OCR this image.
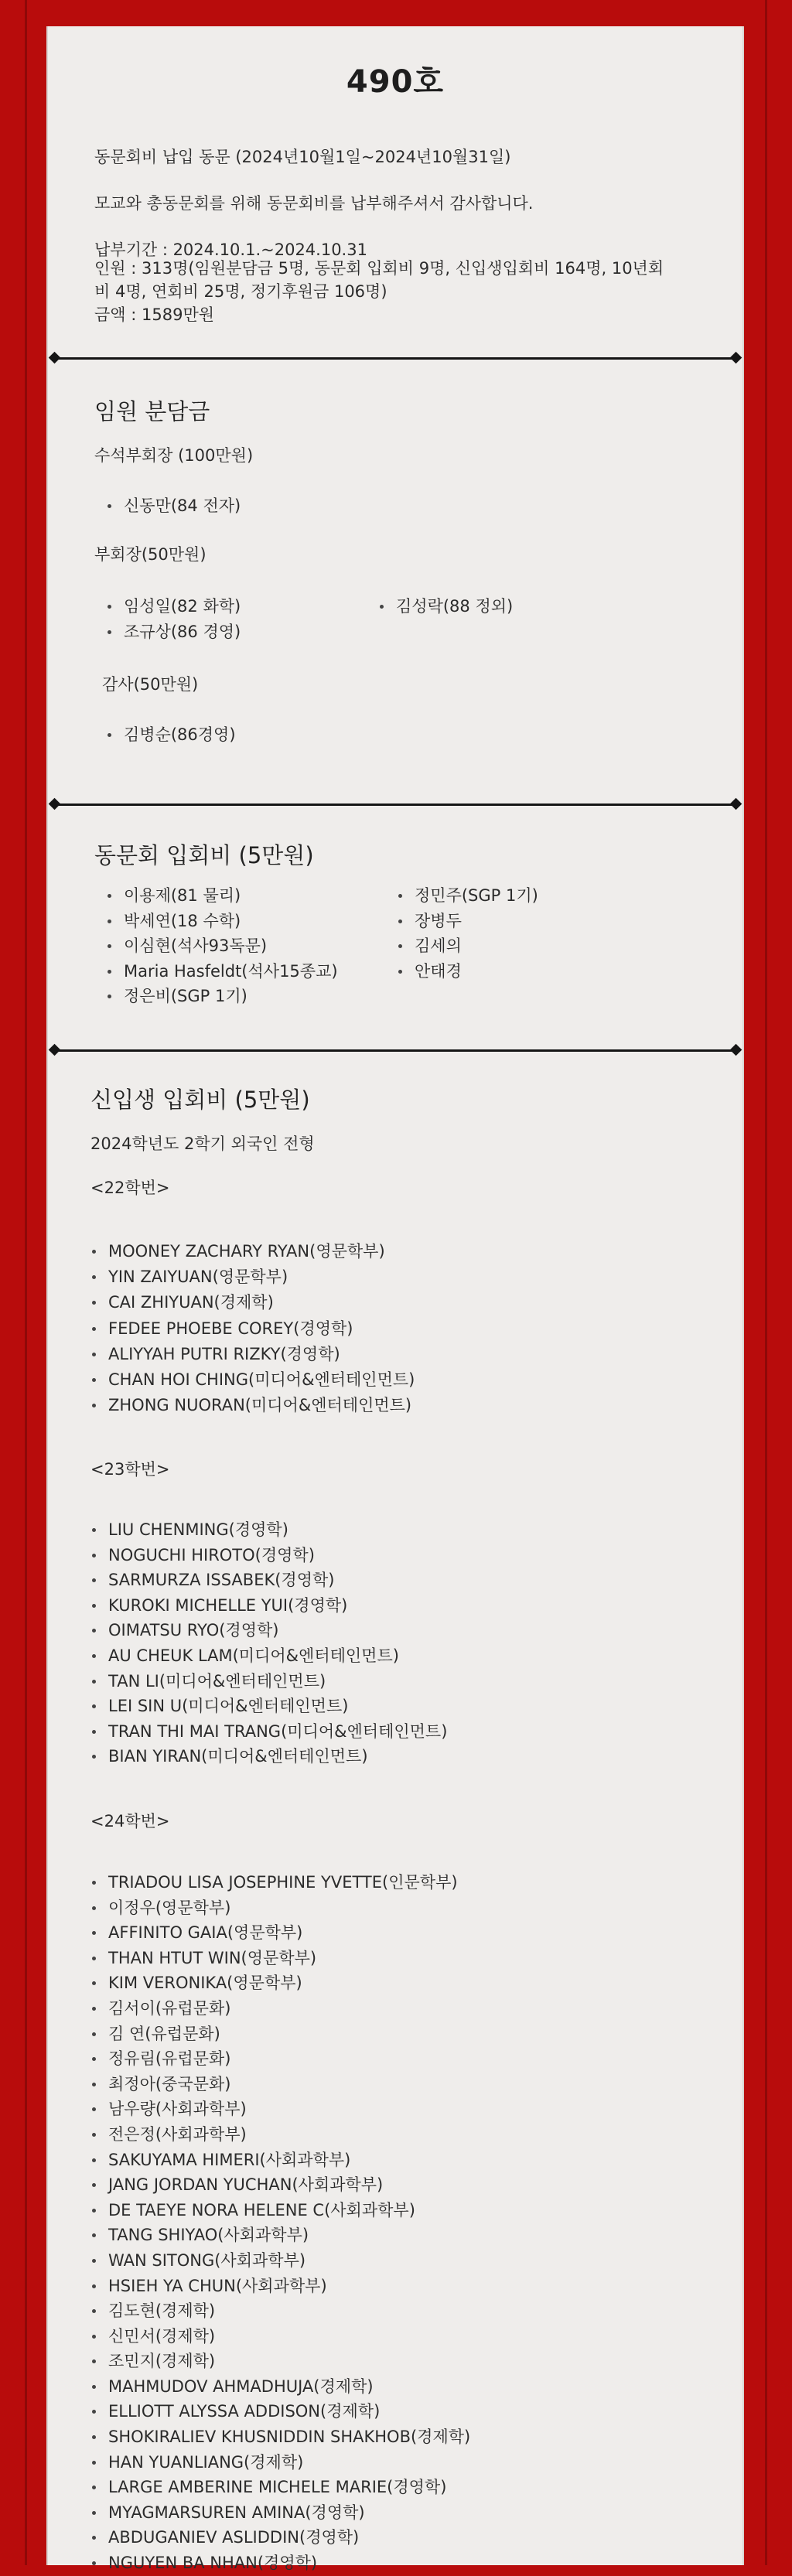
490호
동문회비 납입 동문 (2024년10월1일~2024년10월31일)
모교와 총동문회를 위해 동문회비를 납부해주셔서 감사합니다.
납부기간 : 2024.10.1.~2024.10.31
인원 : 313명(임원분담금 5명, 동문회 입회비 9명, 신입생입회비 164명, 10년회비 4명, 연회비 25명, 정기후원금 106명)
금액 : 1589만원
임원 분담금
수석부회장 (100만원)
신동만(84 전자)
부회장(50만원)
임성일(82 화학)
조규상(86 경영)
김성락(88 정외)
감사(50만원)
김병순(86경영)
동문회 입회비 (5만원)
이용제(81 물리)
박세연(18 수학)
이심현(석사93독문)
Maria Hasfeldt(석사15종교)
정은비(SGP 1기)
정민주(SGP 1기)
장병두
김세의
안태경
신입생 입회비 (5만원)
2024학년도 2학기 외국인 전형
<22학번>
MOONEY ZACHARY RYAN(영문학부)
YIN ZAIYUAN(영문학부)
CAI ZHIYUAN(경제학)
FEDEE PHOEBE COREY(경영학)
ALIYYAH PUTRI RIZKY(경영학)
CHAN HOI CHING(미디어&엔터테인먼트)
ZHONG NUORAN(미디어&엔터테인먼트)
<23학번>
LIU CHENMING(경영학)
NOGUCHI HIROTO(경영학)
SARMURZA ISSABEK(경영학)
KUROKI MICHELLE YUI(경영학)
OIMATSU RYO(경영학)
AU CHEUK LAM(미디어&엔터테인먼트)
TAN LI(미디어&엔터테인먼트)
LEI SIN U(미디어&엔터테인먼트)
TRAN THI MAI TRANG(미디어&엔터테인먼트)
BIAN YIRAN(미디어&엔터테인먼트)
<24학번>
TRIADOU LISA JOSEPHINE YVETTE(인문학부)
이정우(영문학부)
AFFINITO GAIA(영문학부)
THAN HTUT WIN(영문학부)
KIM VERONIKA(영문학부)
김서이(유럽문화)
김 연(유럽문화)
정유림(유럽문화)
최정아(중국문화)
남우량(사회과학부)
전은정(사회과학부)
SAKUYAMA HIMERI(사회과학부)
JANG JORDAN YUCHAN(사회과학부)
DE TAEYE NORA HELENE C(사회과학부)
TANG SHIYAO(사회과학부)
WAN SITONG(사회과학부)
HSIEH YA CHUN(사회과학부)
김도현(경제학)
신민서(경제학)
조민지(경제학)
MAHMUDOV AHMADHUJA(경제학)
ELLIOTT ALYSSA ADDISON(경제학)
SHOKIRALIEV KHUSNIDDIN SHAKHOB(경제학)
HAN YUANLIANG(경제학)
LARGE AMBERINE MICHELE MARIE(경영학)
MYAGMARSUREN AMINA(경영학)
ABDUGANIEV ASLIDDIN(경영학)
NGUYEN BA NHAN(경영학)
